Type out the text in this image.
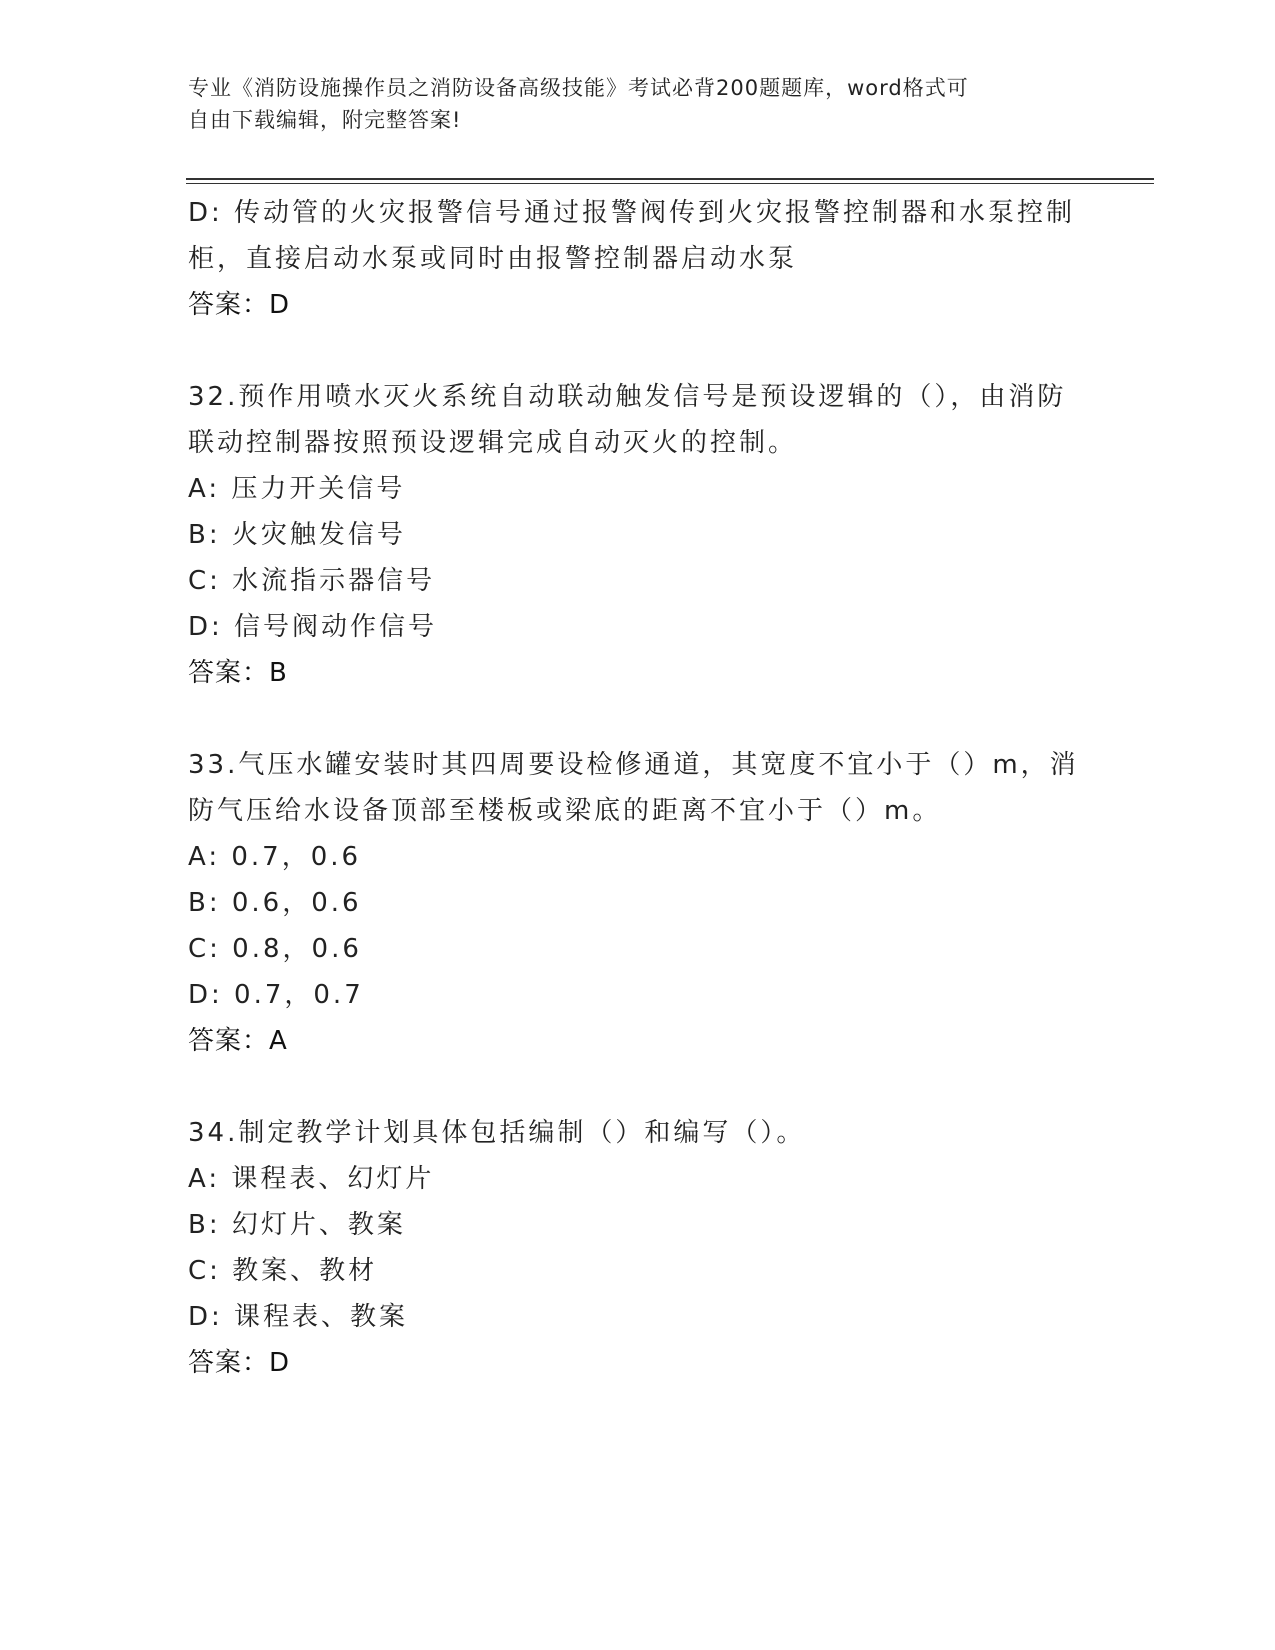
专业《消防设施操作员之消防设备高级技能》考试必背200题题库，word格式可
自由下载编辑，附完整答案!
D: 传动管的火灾报警信号通过报警阀传到火灾报警控制器和水泵控制
柜，直接启动水泵或同时由报警控制器启动水泵
答案：D
32.预作用喷水灭火系统自动联动触发信号是预设逻辑的（），由消防
联动控制器按照预设逻辑完成自动灭火的控制。
A: 压力开关信号
B: 火灾触发信号
C: 水流指示器信号
D: 信号阀动作信号
答案：B
33.气压水罐安装时其四周要设检修通道，其宽度不宜小于（）m，消
防气压给水设备顶部至楼板或梁底的距离不宜小于（）m。
A: 0.7，0.6
B: 0.6，0.6
C: 0.8，0.6
D: 0.7，0.7
答案：A
34.制定教学计划具体包括编制（）和编写（）。
A: 课程表、幻灯片
B: 幻灯片、教案
C: 教案、教材
D: 课程表、教案
答案：D
